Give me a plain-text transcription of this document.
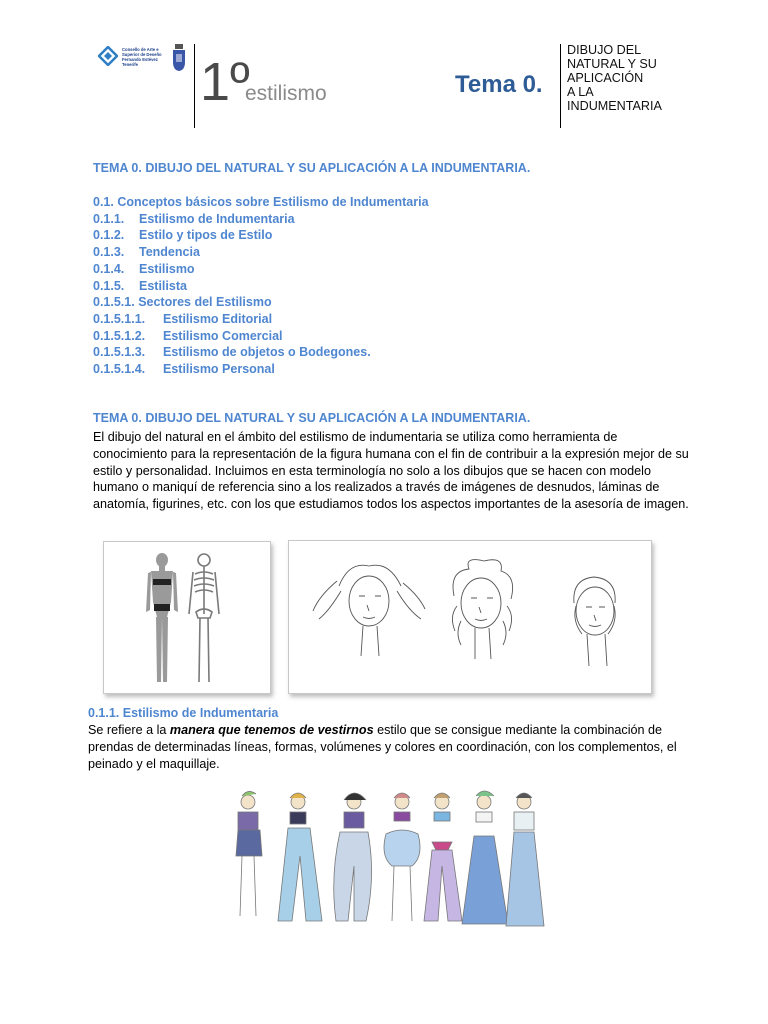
Consello de Arte e Superior de Deseño Fernando Estévez Tenerife	1º
estilismo	Tema 0.
DIBUJO DEL
NATURAL Y SU
APLICACIÓN
A LA
INDUMENTARIA
TEMA 0. DIBUJO DEL NATURAL Y SU APLICACIÓN A LA INDUMENTARIA.
0.1. Conceptos básicos sobre Estilismo de Indumentaria
0.1.1. Estilismo de Indumentaria
0.1.2. Estilo y tipos de Estilo
0.1.3. Tendencia
0.1.4. Estilismo
0.1.5. Estilista
0.1.5.1. Sectores del Estilismo
0.1.5.1.1. Estilismo Editorial
0.1.5.1.2. Estilismo Comercial
0.1.5.1.3. Estilismo de objetos o Bodegones.
0.1.5.1.4. Estilismo Personal
TEMA 0. DIBUJO DEL NATURAL Y SU APLICACIÓN A LA INDUMENTARIA.
El dibujo del natural en el ámbito del estilismo de indumentaria se utiliza como herramienta de conocimiento para la representación de la figura humana con el fin de contribuir a la expresión mejor de su estilo y personalidad. Incluimos en esta terminología no solo a los dibujos que se hacen con modelo humano o maniquí de referencia sino a los realizados a través de imágenes de desnudos, láminas de anatomía, figurines, etc. con los que estudiamos todos los aspectos importantes de la asesoría de imagen.
0.1.1. Estilismo de Indumentaria
Se refiere a la manera que tenemos de vestirnos estilo que se consigue mediante la combinación de prendas de determinadas líneas, formas, volúmenes y colores en coordinación, con los complementos, el peinado y el maquillaje.
